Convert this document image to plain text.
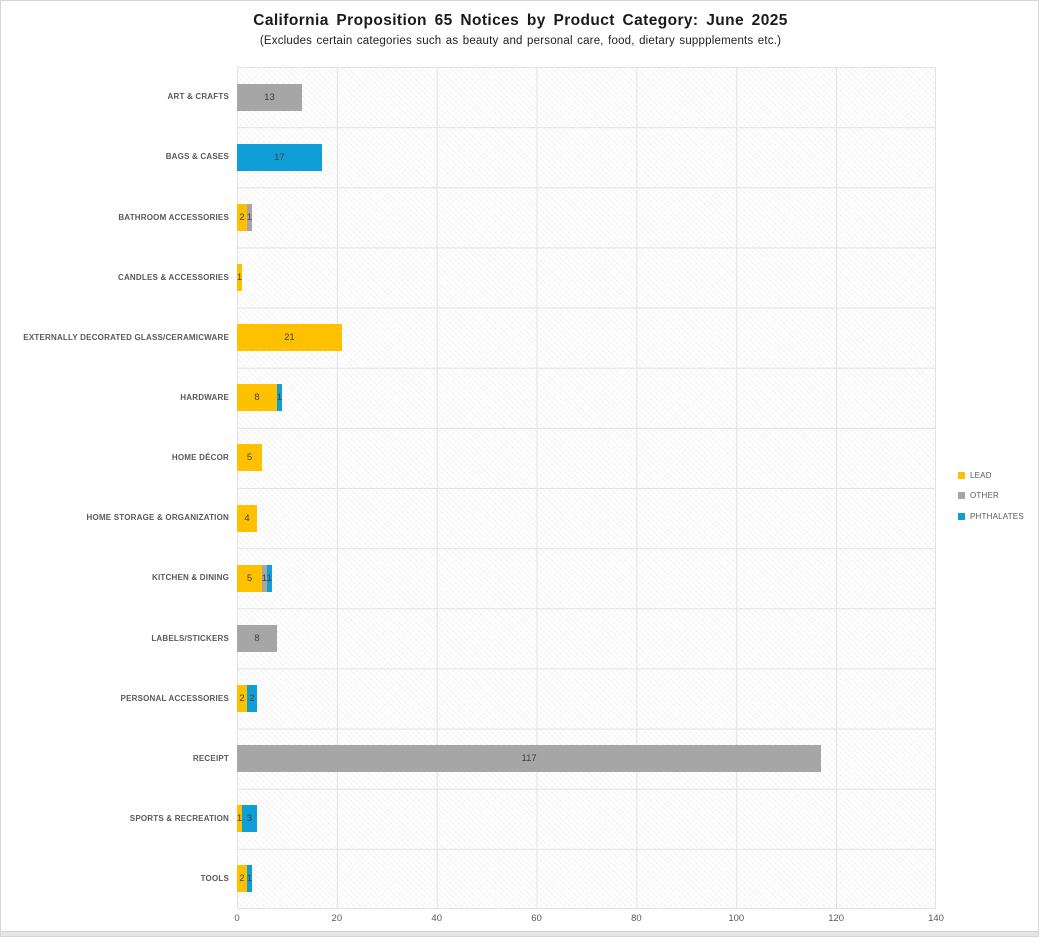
California Proposition 65 Notices by Product Category: June 2025
(Excludes certain categories such as beauty and personal care, food, dietary suppplements etc.)
ART & CRAFTS
BAGS & CASES
BATHROOM ACCESSORIES
CANDLES & ACCESSORIES
EXTERNALLY DECORATED GLASS/CERAMICWARE
HARDWARE
HOME DÉCOR
HOME STORAGE & ORGANIZATION
KITCHEN & DINING
LABELS/STICKERS
PERSONAL ACCESSORIES
RECEIPT
SPORTS & RECREATION
TOOLS
13
17
2 1
1
21
8 1
5
4
5 1 1
8
2 2
117
1 3
2 1
0	20	40	60	80	100	120	140
LEAD
OTHER
PHTHALATES
